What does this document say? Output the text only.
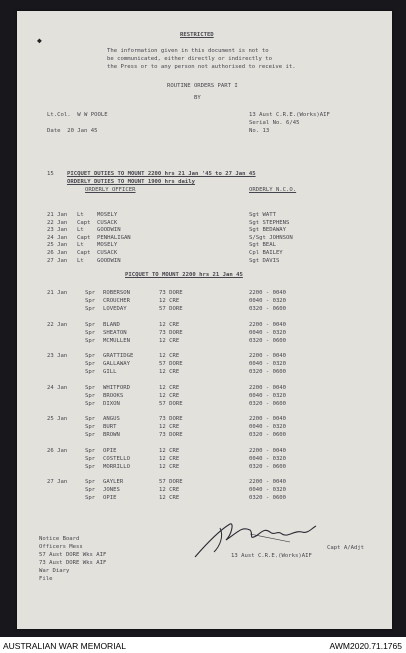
◆
RESTRICTED
The information given in this document is not to
be communicated, either directly or indirectly to
the Press or to any person not authorised to receive it.
ROUTINE ORDERS PART I
BY
Lt.Col.  W W POOLE	13 Aust C.R.E.(Works)AIF
Serial No. 6/45
Date  20 Jan 45	No. 13
15 PICQUET DUTIES TO MOUNT 2200 hrs 21 Jan '45 to 27 Jan 45
ORDERLY DUTIES TO MOUNT 1900 hrs daily
ORDERLY OFFICER	ORDERLY N.C.O.
21 Jan Lt MOSELY	Sgt WATT
22 Jan Capt CUSACK	Sgt STEPHENS
23 Jan Lt GOODWIN	Sgt BEDAWAY
24 Jan Capt PENHALIGAN	S/Sgt JOHNSON
25 Jan Lt MOSELY	Sgt BEAL
26 Jan Capt CUSACK	Cpl BAILEY
27 Jan Lt GOODWIN	Sgt DAVIS
PICQUET TO MOUNT 2200 hrs 21 Jan 45
21 Jan	Spr ROBERSON	73 DORE	2200 - 0040
Spr CROUCHER	12 CRE	0040 - 0320
Spr LOVEDAY	57 DORE	0320 - 0600
22 Jan	Spr BLAND	12 CRE	2200 - 0040
Spr SHEATON	73 DORE	0040 - 0320
Spr MCMULLEN	12 CRE	0320 - 0600
23 Jan	Spr GRATTIDGE	12 CRE	2200 - 0040
Spr GALLAWAY	57 DORE	0040 - 0320
Spr GILL	12 CRE	0320 - 0600
24 Jan	Spr WHITFORD	12 CRE	2200 - 0040
Spr BROOKS	12 CRE	0040 - 0320
Spr DIXON	57 DORE	0320 - 0600
25 Jan	Spr ANGUS	73 DORE	2200 - 0040
Spr BURT	12 CRE	0040 - 0320
Spr BROWN	73 DORE	0320 - 0600
26 Jan	Spr OPIE	12 CRE	2200 - 0040
Spr COSTELLO	12 CRE	0040 - 0320
Spr MORRILLO	12 CRE	0320 - 0600
27 Jan	Spr GAYLER	57 DORE	2200 - 0040
Spr JONES	12 CRE	0040 - 0320
Spr OPIE	12 CRE	0320 - 0600
Notice Board
Officers Mess
57 Aust DORE Wks AIF
73 Aust DORE Wks AIF
War Diary
File
Capt A/Adjt
13 Aust C.R.E.(Works)AIF
AUSTRALIAN WAR MEMORIAL	AWM2020.71.1765
